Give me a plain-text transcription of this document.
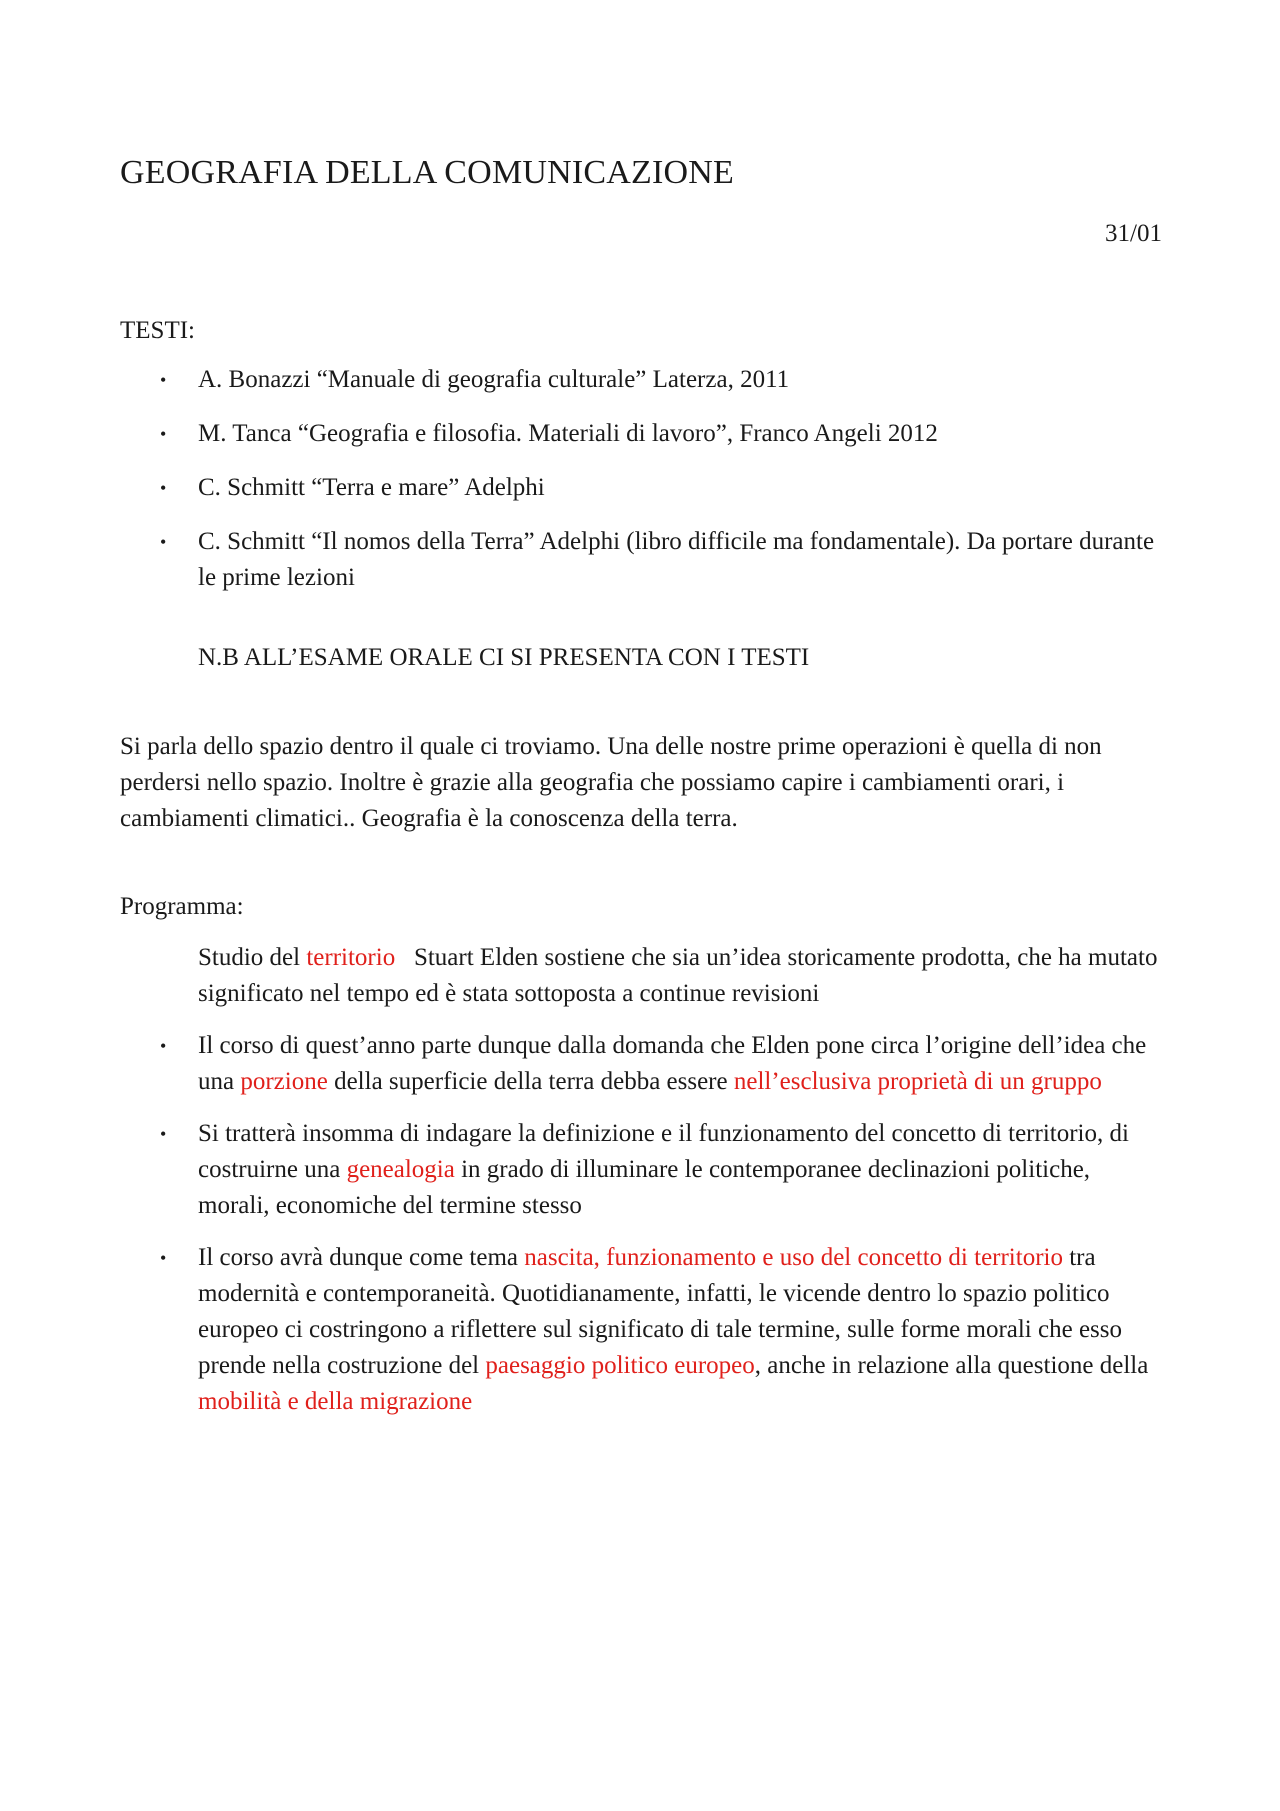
GEOGRAFIA DELLA COMUNICAZIONE

31/01

TESTI:

• A. Bonazzi “Manuale di geografia culturale” Laterza, 2011
• M. Tanca “Geografia e filosofia. Materiali di lavoro”, Franco Angeli 2012
• C. Schmitt “Terra e mare” Adelphi
• C. Schmitt “Il nomos della Terra” Adelphi (libro difficile ma fondamentale). Da portare durante le prime lezioni

N.B ALL’ESAME ORALE CI SI PRESENTA CON I TESTI

Si parla dello spazio dentro il quale ci troviamo. Una delle nostre prime operazioni è quella di non perdersi nello spazio. Inoltre è grazie alla geografia che possiamo capire i cambiamenti orari, i cambiamenti climatici.. Geografia è la conoscenza della terra.

Programma:

Studio del territorio   Stuart Elden sostiene che sia un’idea storicamente prodotta, che ha mutato significato nel tempo ed è stata sottoposta a continue revisioni
• Il corso di quest’anno parte dunque dalla domanda che Elden pone circa l’origine dell’idea che una porzione della superficie della terra debba essere nell’esclusiva proprietà di un gruppo
• Si tratterà insomma di indagare la definizione e il funzionamento del concetto di territorio, di costruirne una genealogia in grado di illuminare le contemporanee declinazioni politiche, morali, economiche del termine stesso
• Il corso avrà dunque come tema nascita, funzionamento e uso del concetto di territorio tra modernità e contemporaneità. Quotidianamente, infatti, le vicende dentro lo spazio politico europeo ci costringono a riflettere sul significato di tale termine, sulle forme morali che esso prende nella costruzione del paesaggio politico europeo, anche in relazione alla questione della mobilità e della migrazione
